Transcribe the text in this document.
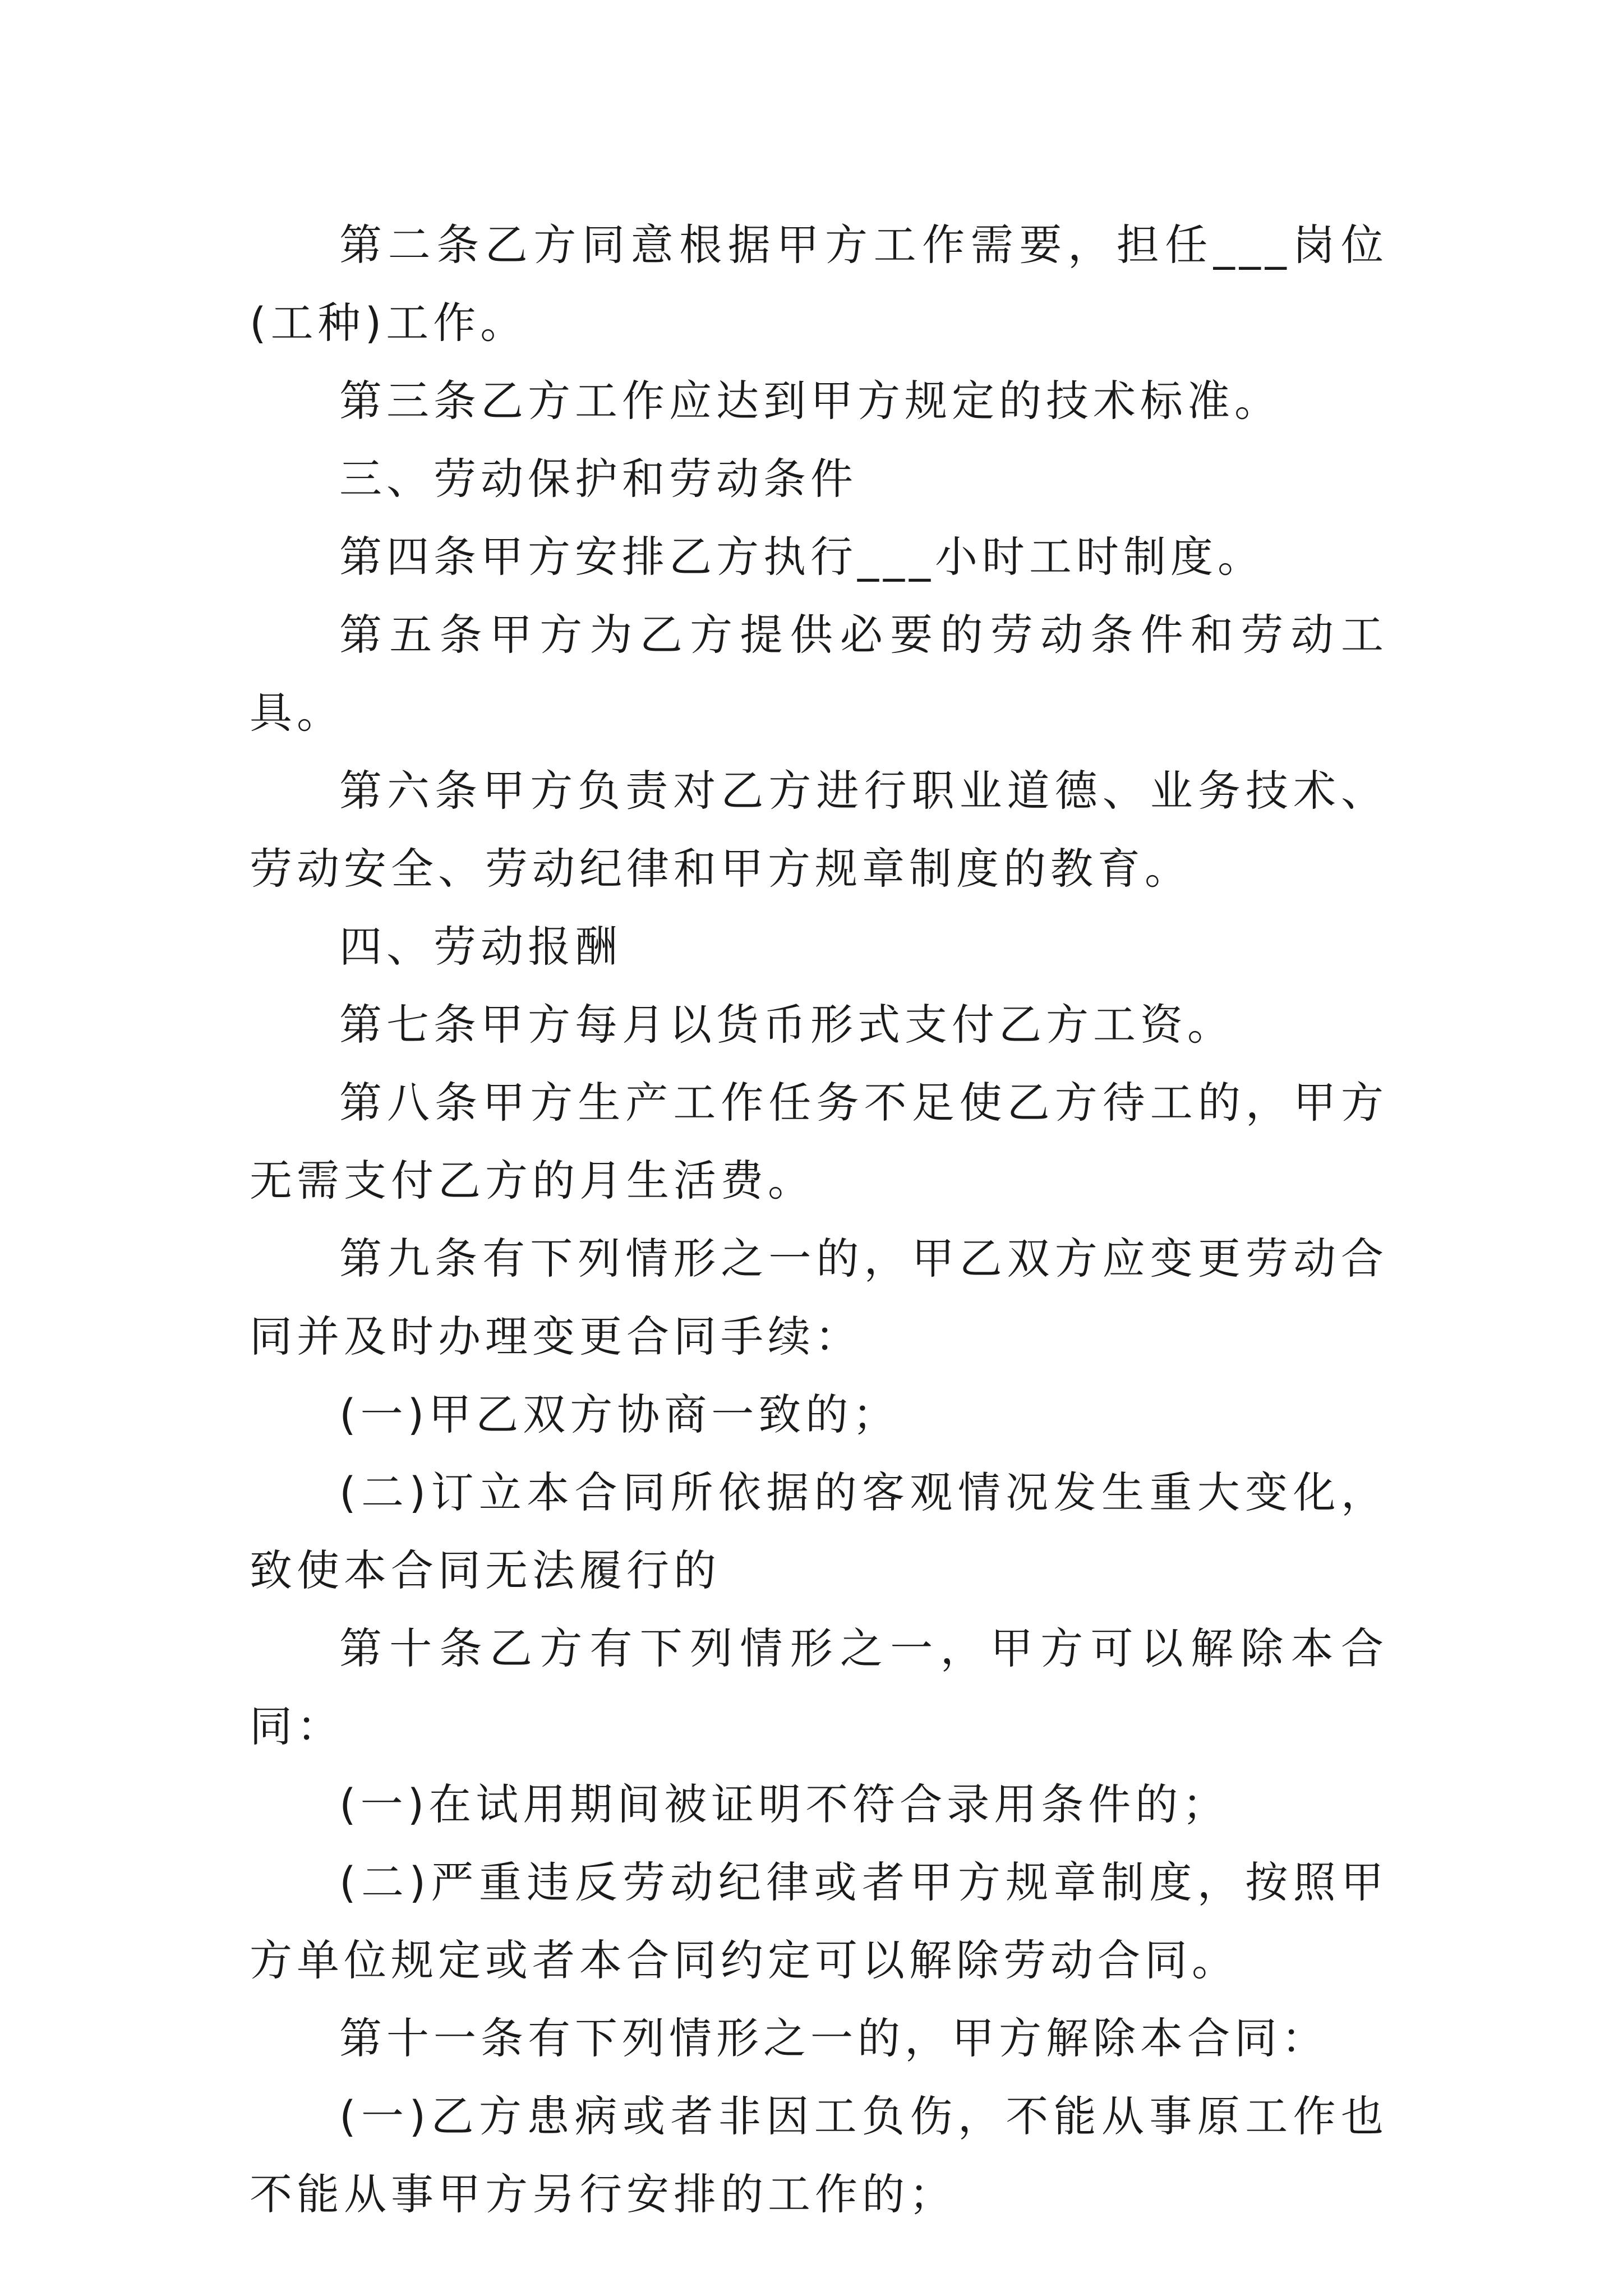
第二条乙方同意根据甲方工作需要，担任___岗位(工种)工作。

第三条乙方工作应达到甲方规定的技术标准。

三、劳动保护和劳动条件

第四条甲方安排乙方执行___小时工时制度。

第五条甲方为乙方提供必要的劳动条件和劳动工具。

第六条甲方负责对乙方进行职业道德、业务技术、劳动安全、劳动纪律和甲方规章制度的教育。

四、劳动报酬

第七条甲方每月以货币形式支付乙方工资。

第八条甲方生产工作任务不足使乙方待工的，甲方无需支付乙方的月生活费。

第九条有下列情形之一的，甲乙双方应变更劳动合同并及时办理变更合同手续：

(一)甲乙双方协商一致的；

(二)订立本合同所依据的客观情况发生重大变化，致使本合同无法履行的

第十条乙方有下列情形之一，甲方可以解除本合同：

(一)在试用期间被证明不符合录用条件的；

(二)严重违反劳动纪律或者甲方规章制度，按照甲方单位规定或者本合同约定可以解除劳动合同。

第十一条有下列情形之一的，甲方解除本合同：

(一)乙方患病或者非因工负伤，不能从事原工作也不能从事甲方另行安排的工作的；
